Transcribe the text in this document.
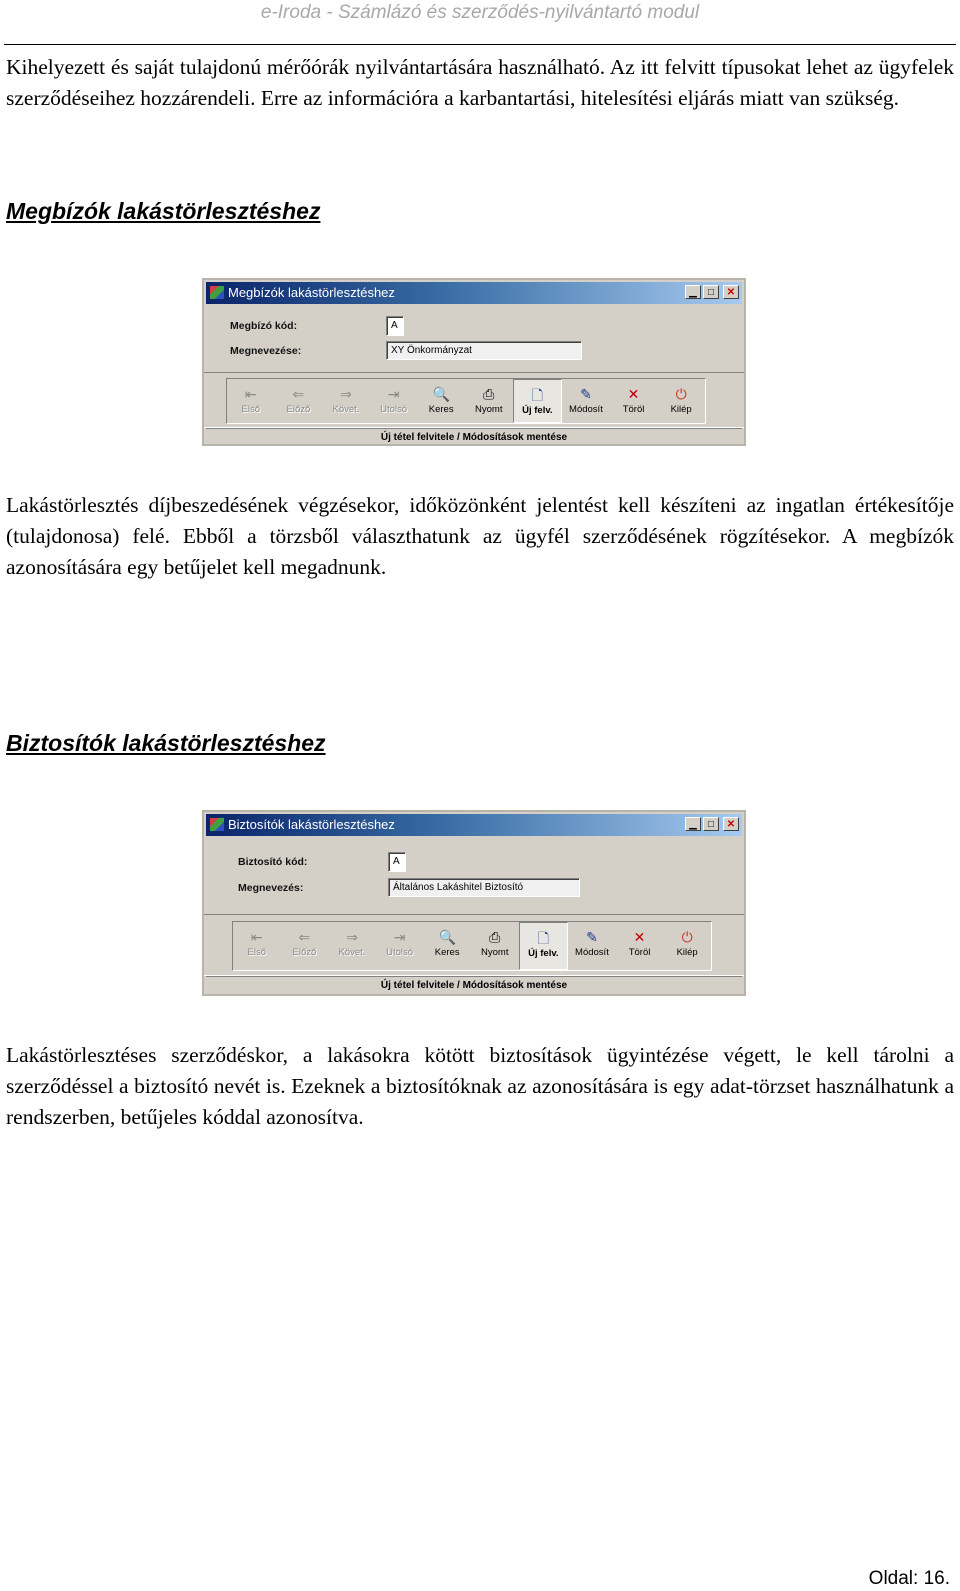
e-Iroda - Számlázó és szerződés-nyilvántartó modul

Kihelyezett és saját tulajdonú mérőórák nyilvántartására használható. Az itt felvitt típusokat lehet az ügyfelek szerződéseihez hozzárendeli. Erre az információra a karbantartási, hitelesítési eljárás miatt van szükség.

Megbízók lakástörlesztéshez
Megbízók lakástörlesztéshez	▁	□	✕
Megbízó kód:	A
Megnevezése:	XY Önkormányzat
⇤
Első
⇐
Előző
⇒
Követ.
⇥
Utolsó
🔍
Keres
⎙
Nyomt
🗋
Új felv.
✎
Módosít
✕
Töröl
⏻
Kilép
Új tétel felvitele / Módosítások mentése

Lakástörlesztés díjbeszedésének végzésekor, időközönként jelentést kell készíteni az ingatlan értékesítője (tulajdonosa) felé. Ebből a törzsből választhatunk az ügyfél szerződésének rögzítésekor. A megbízók azonosítására egy betűjelet kell megadnunk.

Biztosítók lakástörlesztéshez
Biztosítók lakástörlesztéshez	▁	□	✕
Biztosító kód:	A
Megnevezés:	Általános Lakáshitel Biztosító
⇤
Első
⇐
Előző
⇒
Követ.
⇥
Utolsó
🔍
Keres
⎙
Nyomt
🗋
Új felv.
✎
Módosít
✕
Töröl
⏻
Kilép
Új tétel felvitele / Módosítások mentése

Lakástörlesztéses szerződéskor, a lakásokra kötött biztosítások ügyintézése végett, le kell tárolni a szerződéssel a biztosító nevét is. Ezeknek a biztosítóknak az azonosítására is egy adat-törzset használhatunk a rendszerben, betűjeles kóddal azonosítva.

Oldal: 16.
